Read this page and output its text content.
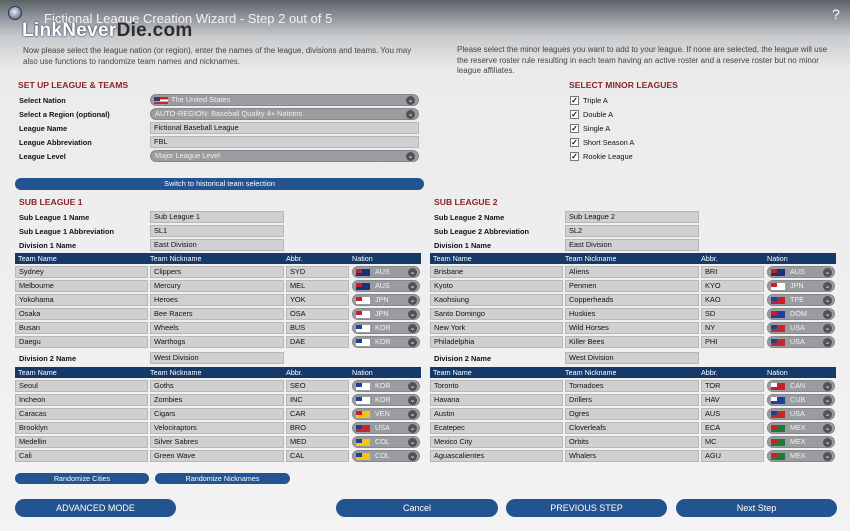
Fictional League Creation Wizard - Step 2 out of 5	?
LinkNeverDie.com
Now please select the league nation (or region), enter the names of the league, divisions and teams. You may also use functions to randomize team names and nicknames.
Please select the minor leagues you want to add to your league. If none are selected, the league will use the reserve roster rule resulting in each team having an active roster and a reserve roster but no minor league affiliates.
SET UP LEAGUE & TEAMS
Select Nation	The United States	⌄
Select a Region (optional)	AUTO-REGION: Baseball Quality 4+ Nations	⌄
League Name	Fictional Baseball League
League Abbreviation	FBL
League Level	Major League Level	⌄
Switch to historical team selection
SELECT MINOR LEAGUES
✓ Triple A
✓ Double A
✓ Single A
✓ Short Season A
✓ Rookie League
SUB LEAGUE 1
Sub League 1 Name	Sub League 1
Sub League 1 Abbreviation	SL1
Division 1 Name	East Division
Team Name	Team Nickname	Abbr.	Nation
Sydney	Clippers	SYD	AUS	⌄
Melbourne	Mercury	MEL	AUS	⌄
Yokohama	Heroes	YOK	JPN	⌄
Osaka	Bee Racers	OSA	JPN	⌄
Busan	Wheels	BUS	KOR	⌄
Daegu	Warthogs	DAE	KOR	⌄
Division 2 Name	West Division
Team Name	Team Nickname	Abbr.	Nation
Seoul	Goths	SEO	KOR	⌄
Incheon	Zombies	INC	KOR	⌄
Caracas	Cigars	CAR	VEN	⌄
Brooklyn	Velociraptors	BRO	USA	⌄
Medellin	Silver Sabres	MED	COL	⌄
Cali	Green Wave	CAL	COL	⌄
SUB LEAGUE 2
Sub League 2 Name	Sub League 2
Sub League 2 Abbreviation	SL2
Division 1 Name	East Division
Team Name	Team Nickname	Abbr.	Nation
Brisbane	Aliens	BRI	AUS	⌄
Kyoto	Penmen	KYO	JPN	⌄
Kaohsiung	Copperheads	KAO	TPE	⌄
Santo Domingo	Huskies	SD	DOM	⌄
New York	Wild Horses	NY	USA	⌄
Philadelphia	Killer Bees	PHI	USA	⌄
Division 2 Name	West Division
Team Name	Team Nickname	Abbr.	Nation
Toronto	Tornadoes	TOR	CAN	⌄
Havana	Drillers	HAV	CUB	⌄
Austin	Ogres	AUS	USA	⌄
Ecatepec	Cloverleafs	ECA	MEX	⌄
Mexico City	Orbits	MC	MEX	⌄
Aguascalientes	Whalers	AGU	MEX	⌄
Randomize Cities	Randomize Nicknames
ADVANCED MODE	Cancel	PREVIOUS STEP	Next Step
